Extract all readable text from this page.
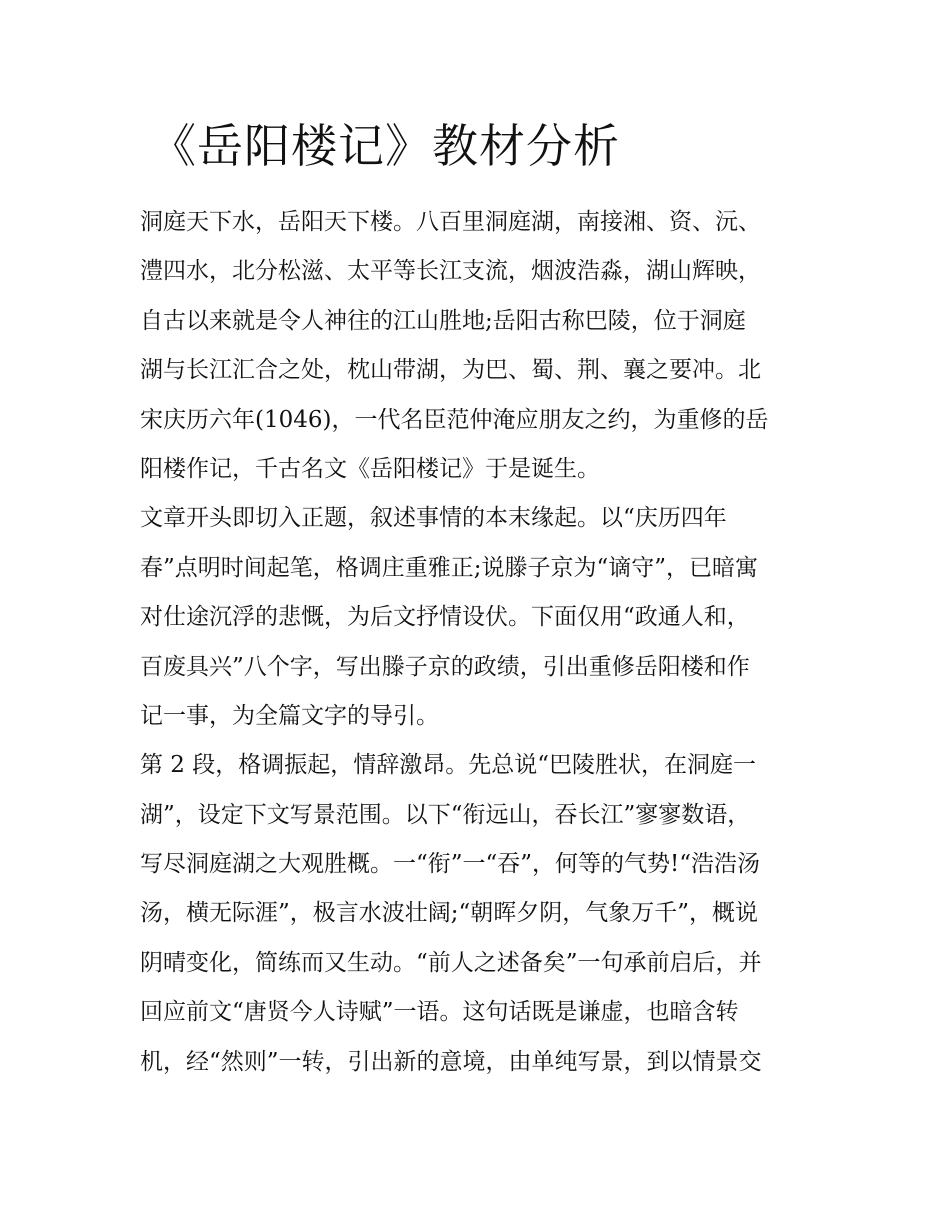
《岳阳楼记》教材分析
洞庭天下水，岳阳天下楼。八百里洞庭湖，南接湘、资、沅、
澧四水，北分松滋、太平等长江支流，烟波浩淼，湖山辉映，
自古以来就是令人神往的江山胜地;岳阳古称巴陵，位于洞庭
湖与长江汇合之处，枕山带湖，为巴、蜀、荆、襄之要冲。北
宋庆历六年(1046)，一代名臣范仲淹应朋友之约，为重修的岳
阳楼作记，千古名文《岳阳楼记》于是诞生。
文章开头即切入正题，叙述事情的本末缘起。以“庆历四年
春”点明时间起笔，格调庄重雅正;说滕子京为“谪守”，已暗寓
对仕途沉浮的悲慨，为后文抒情设伏。下面仅用“政通人和，
百废具兴”八个字，写出滕子京的政绩，引出重修岳阳楼和作
记一事，为全篇文字的导引。
第 2 段，格调振起，情辞激昂。先总说“巴陵胜状，在洞庭一
湖”，设定下文写景范围。以下“衔远山，吞长江”寥寥数语，
写尽洞庭湖之大观胜概。一“衔”一“吞”，何等的气势!“浩浩汤
汤，横无际涯”，极言水波壮阔;“朝晖夕阴，气象万千”，概说
阴晴变化，简练而又生动。“前人之述备矣”一句承前启后，并
回应前文“唐贤今人诗赋”一语。这句话既是谦虚，也暗含转
机，经“然则”一转，引出新的意境，由单纯写景，到以情景交
